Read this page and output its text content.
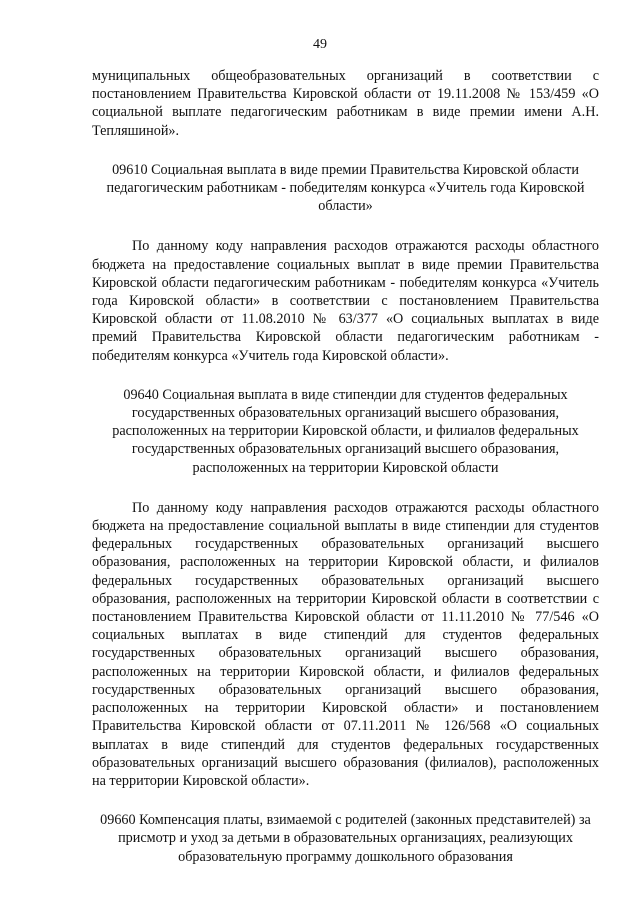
49

муниципальных общеобразовательных организаций в соответствии с постановлением Правительства Кировской области от 19.11.2008 № 153/459 «О социальной выплате педагогическим работникам в виде премии имени А.Н. Тепляшиной».

09610 Социальная выплата в виде премии Правительства Кировской области педагогическим работникам - победителям конкурса «Учитель года Кировской области»

По данному коду направления расходов отражаются расходы областного бюджета на предоставление социальных выплат в виде премии Правительства Кировской области педагогическим работникам - победителям конкурса «Учитель года Кировской области» в соответствии с постановлением Правительства Кировской области от 11.08.2010 № 63/377 «О социальных выплатах в виде премий Правительства Кировской области педагогическим работникам - победителям конкурса «Учитель года Кировской области».

09640 Социальная выплата в виде стипендии для студентов федеральных государственных образовательных организаций высшего образования, расположенных на территории Кировской области, и филиалов федеральных государственных образовательных организаций высшего образования, расположенных на территории Кировской области

По данному коду направления расходов отражаются расходы областного бюджета на предоставление социальной выплаты в виде стипендии для студентов федеральных государственных образовательных организаций высшего образования, расположенных на территории Кировской области, и филиалов федеральных государственных образовательных организаций высшего образования, расположенных на территории Кировской области в соответствии с постановлением Правительства Кировской области от 11.11.2010 № 77/546 «О социальных выплатах в виде стипендий для студентов федеральных государственных образовательных организаций высшего образования, расположенных на территории Кировской области, и филиалов федеральных государственных образовательных организаций высшего образования, расположенных на территории Кировской области» и постановлением Правительства Кировской области от 07.11.2011 № 126/568 «О социальных выплатах в виде стипендий для студентов федеральных государственных образовательных организаций высшего образования (филиалов), расположенных на территории Кировской области».

09660 Компенсация платы, взимаемой с родителей (законных представителей) за присмотр и уход за детьми в образовательных организациях, реализующих образовательную программу дошкольного образования
